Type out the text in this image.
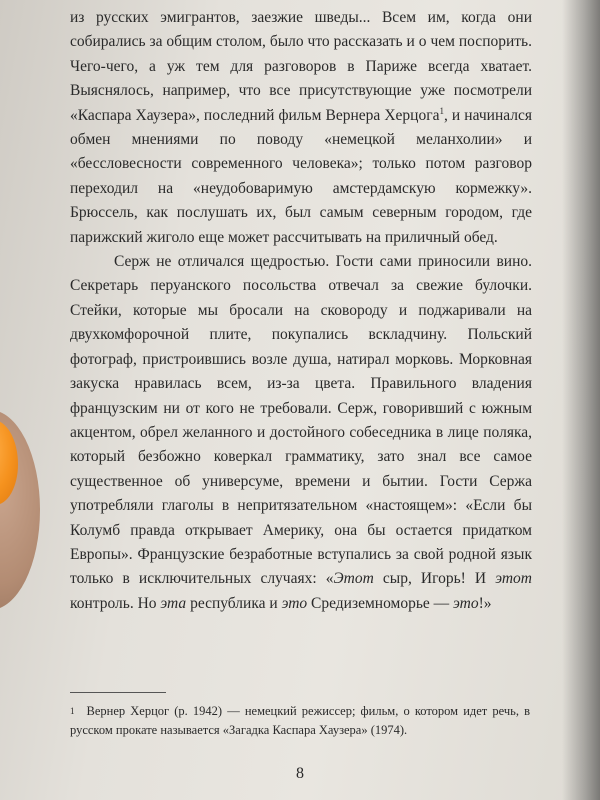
из русских эмигрантов, заезжие шведы... Всем им, когда они собирались за общим столом, было что рассказать и о чем поспорить. Чего-чего, а уж тем для разговоров в Париже всегда хватает. Выяснялось, например, что все присутствующие уже посмотрели «Каспара Хаузера», последний фильм Вернера Херцога$^1$, и начинался обмен мнениями по поводу «немецкой меланхолии» и «бессловесности современного человека»; только потом разговор переходил на «неудобоваримую амстердамскую кормежку». Брюссель, как послушать их, был самым северным городом, где парижский жиголо еще может рассчитывать на приличный обед.

Серж не отличался щедростью. Гости сами приносили вино. Секретарь перуанского посольства отвечал за свежие булочки. Стейки, которые мы бросали на сковороду и поджаривали на двухкомфорочной плите, покупались вскладчину. Польский фотограф, пристроившись возле душа, натирал морковь. Морковная закуска нравилась всем, из-за цвета. Правильного владения французским ни от кого не требовали. Серж, говоривший с южным акцентом, обрел желанного и достойного собеседника в лице поляка, который безбожно коверкал грамматику, зато знал все самое существенное об универсуме, времени и бытии. Гости Сержа употребляли глаголы в непритязательном «настоящем»: «Если бы Колумб правда открывает Америку, она бы остается придатком Европы». Французские безработные вступались за свой родной язык только в исключительных случаях: «Этот сыр, Игорь! И этот контроль. Но эта республика и это Средиземноморье — это!»

$^1$ Вернер Херцог (р. 1942) — немецкий режиссер; фильм, о котором идет речь, в русском прокате называется «Загадка Каспара Хаузера» (1974).
8
